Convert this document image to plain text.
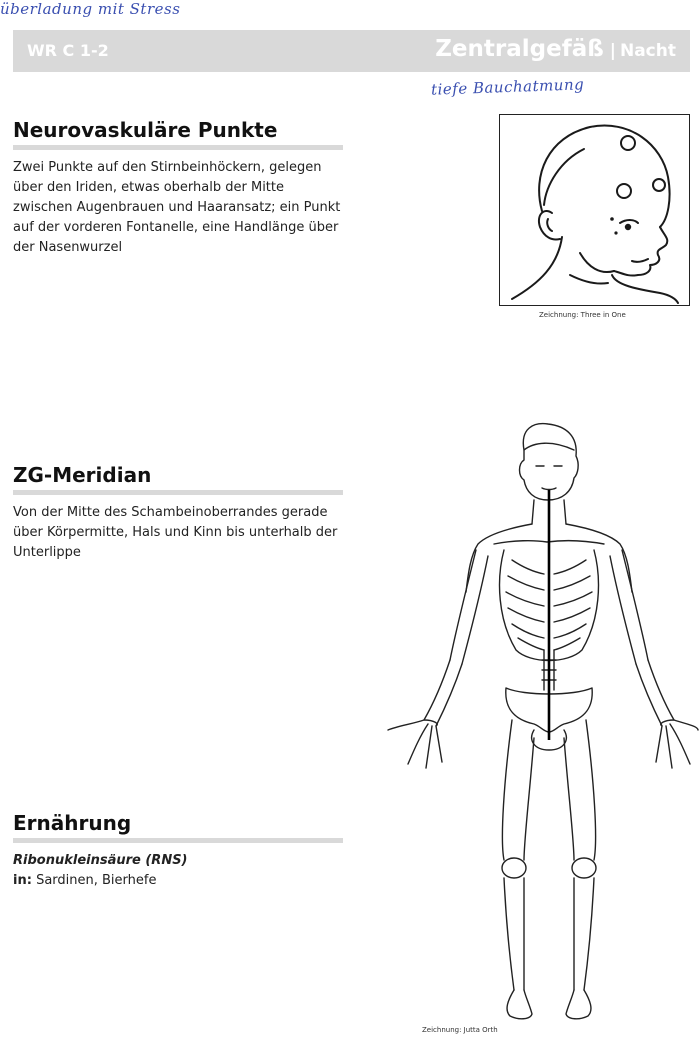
überladung mit Stress
tiefe Bauchatmung
WR C 1-2	Zentralgefäß | Nacht
Neurovaskuläre Punkte

Zwei Punkte auf den Stirnbeinhöckern, gelegen über den Iriden, etwas oberhalb der Mitte zwischen Augenbrauen und Haaransatz; ein Punkt auf der vorderen Fontanelle, eine Handlänge über der Nasenwurzel

ZG-Meridian

Von der Mitte des Schambeinoberrandes gerade über Körpermitte, Hals und Kinn bis unterhalb der Unterlippe

Ernährung

Ribonukleinsäure (RNS)
in: Sardinen, Bierhefe

Zeichnung: Three in One
Zeichnung: Jutta Orth
